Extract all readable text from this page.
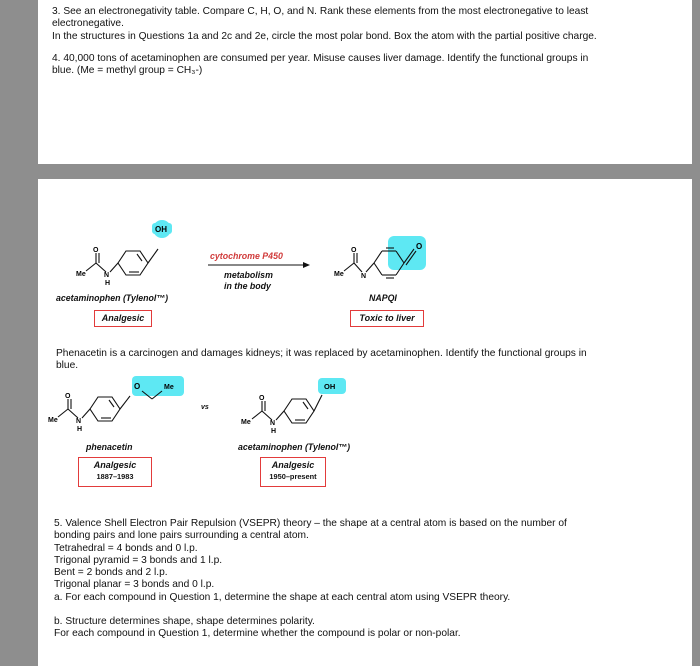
3. See an electronegativity table. Compare C, H, O, and N. Rank these elements from the most electronegative to least

electronegative.

In the structures in Questions 1a and 2c and 2e, circle the most polar bond. Box the atom with the partial positive charge.

4. 40,000 tons of acetaminophen are consumed per year. Misuse causes liver damage. Identify the functional groups in

blue. (Me = methyl group = CH₃-)

O
Me	N
H
OH
acetaminophen (Tylenol™)
Analgesic
cytochrome P450
metabolism
in the body
O
Me N
O
NAPQI
Toxic to liver

Phenacetin is a carcinogen and damages kidneys; it was replaced by acetaminophen. Identify the functional groups in

blue.

O
Me	N
H
O	Me
vs
O
Me	N
H
OH
phenacetin
Analgesic
1887–1983
acetaminophen (Tylenol™)
Analgesic
1950–present

5. Valence Shell Electron Pair Repulsion (VSEPR) theory – the shape at a central atom is based on the number of

bonding pairs and lone pairs surrounding a central atom.

Tetrahedral = 4 bonds and 0 l.p.

Trigonal pyramid = 3 bonds and 1 l.p.

Bent = 2 bonds and 2 l.p.

Trigonal planar = 3 bonds and 0 l.p.

a. For each compound in Question 1, determine the shape at each central atom using VSEPR theory.

b. Structure determines shape, shape determines polarity.

For each compound in Question 1, determine whether the compound is polar or non-polar.
